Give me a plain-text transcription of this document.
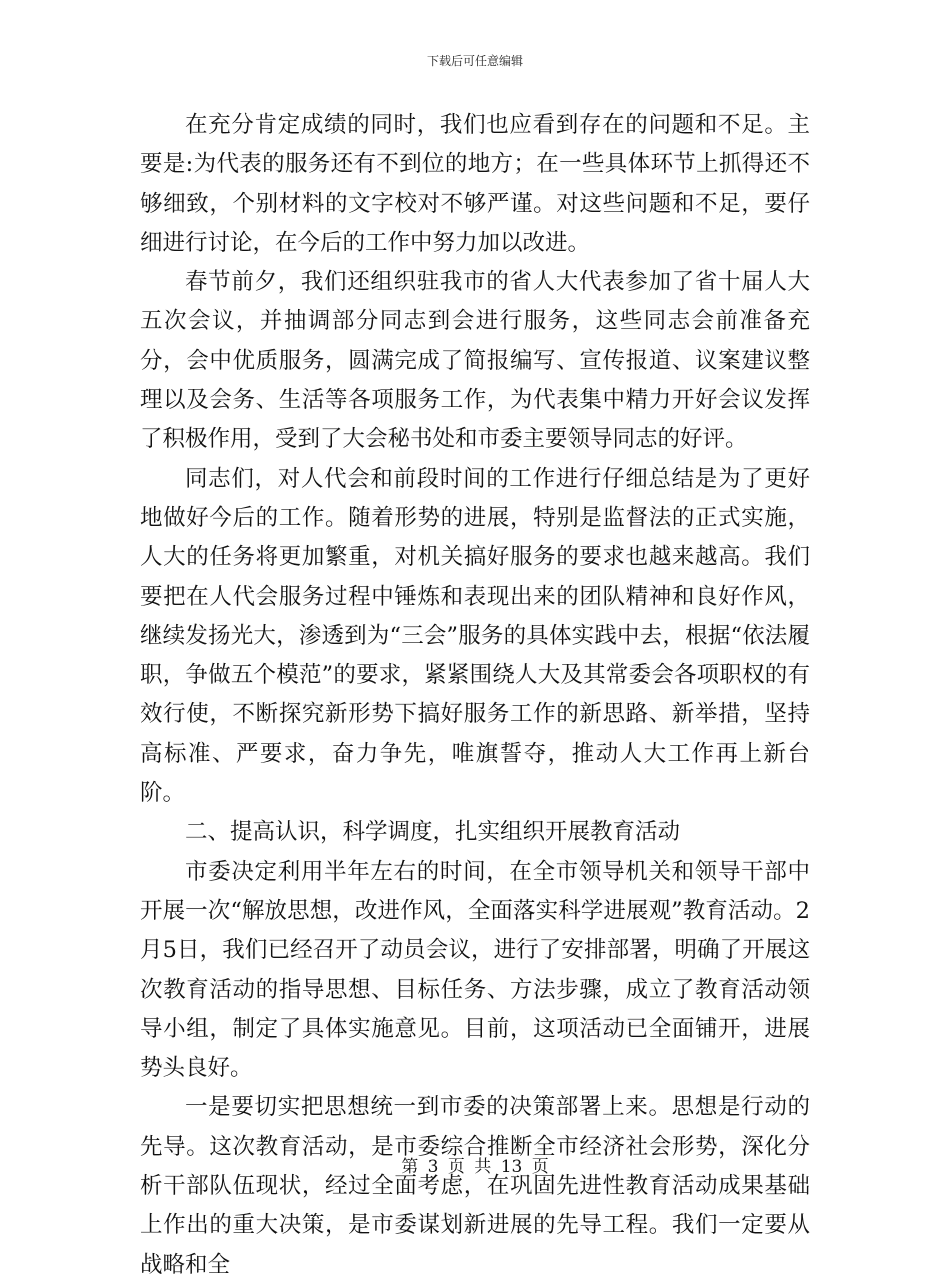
下载后可任意编辑

在充分肯定成绩的同时，我们也应看到存在的问题和不足。主要是:为代表的服务还有不到位的地方；在一些具体环节上抓得还不够细致，个别材料的文字校对不够严谨。对这些问题和不足，要仔细进行讨论，在今后的工作中努力加以改进。

春节前夕，我们还组织驻我市的省人大代表参加了省十届人大五次会议，并抽调部分同志到会进行服务，这些同志会前准备充分，会中优质服务，圆满完成了简报编写、宣传报道、议案建议整理以及会务、生活等各项服务工作，为代表集中精力开好会议发挥了积极作用，受到了大会秘书处和市委主要领导同志的好评。

同志们，对人代会和前段时间的工作进行仔细总结是为了更好地做好今后的工作。随着形势的进展，特别是监督法的正式实施，人大的任务将更加繁重，对机关搞好服务的要求也越来越高。我们要把在人代会服务过程中锤炼和表现出来的团队精神和良好作风，继续发扬光大，渗透到为“三会”服务的具体实践中去，根据“依法履职，争做五个模范”的要求，紧紧围绕人大及其常委会各项职权的有效行使，不断探究新形势下搞好服务工作的新思路、新举措，坚持高标准、严要求，奋力争先，唯旗誓夺，推动人大工作再上新台阶。

二、提高认识，科学调度，扎实组织开展教育活动

市委决定利用半年左右的时间，在全市领导机关和领导干部中开展一次“解放思想，改进作风，全面落实科学进展观”教育活动。2月5日，我们已经召开了动员会议，进行了安排部署，明确了开展这次教育活动的指导思想、目标任务、方法步骤，成立了教育活动领导小组，制定了具体实施意见。目前，这项活动已全面铺开，进展势头良好。

一是要切实把思想统一到市委的决策部署上来。思想是行动的先导。这次教育活动，是市委综合推断全市经济社会形势，深化分析干部队伍现状，经过全面考虑，在巩固先进性教育活动成果基础上作出的重大决策，是市委谋划新进展的先导工程。我们一定要从战略和全

第 3 页 共 13 页
